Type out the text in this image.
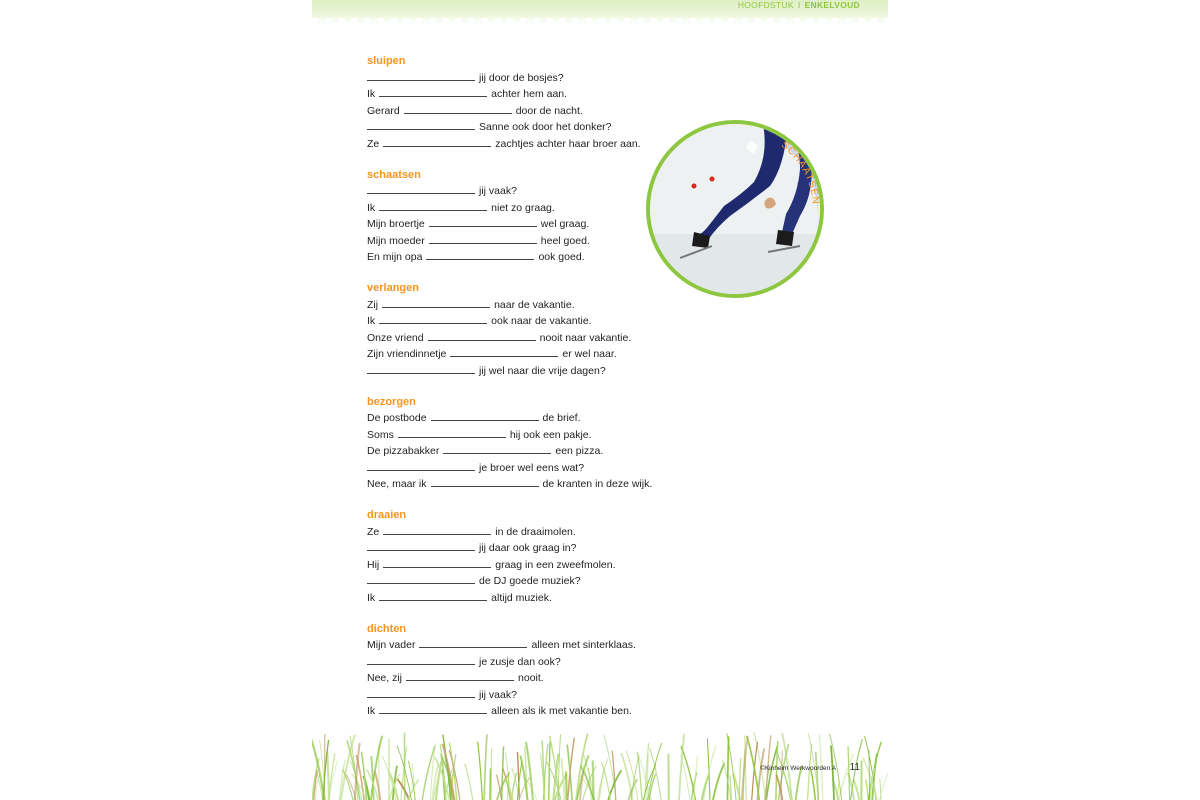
HOOFDSTUK I ENKELVOUD
sluipen
jij door de bosjes?
Ik	achter hem aan.
Gerard	door de nacht.
Sanne ook door het donker?
Ze	zachtjes achter haar broer aan.
schaatsen
jij vaak?
Ik	niet zo graag.
Mijn broertje	wel graag.
Mijn moeder	heel goed.
En mijn opa	ook goed.
verlangen
Zij	naar de vakantie.
Ik	ook naar de vakantie.
Onze vriend	nooit naar vakantie.
Zijn vriendinnetje	er wel naar.
jij wel naar die vrije dagen?
bezorgen
De postbode	de brief.
Soms	hij ook een pakje.
De pizzabakker	een pizza.
je broer wel eens wat?
Nee, maar ik	de kranten in deze wijk.
draaien
Ze	in de draaimolen.
jij daar ook graag in?
Hij	graag in een zweefmolen.
de DJ goede muziek?
Ik	altijd muziek.
dichten
Mijn vader	alleen met sinterklaas.
je zusje dan ook?
Nee, zij	nooit.
jij vaak?
Ik	alleen als ik met vakantie ben.
SCHAATSEN
©Kinheim Werkwoorden A 11
